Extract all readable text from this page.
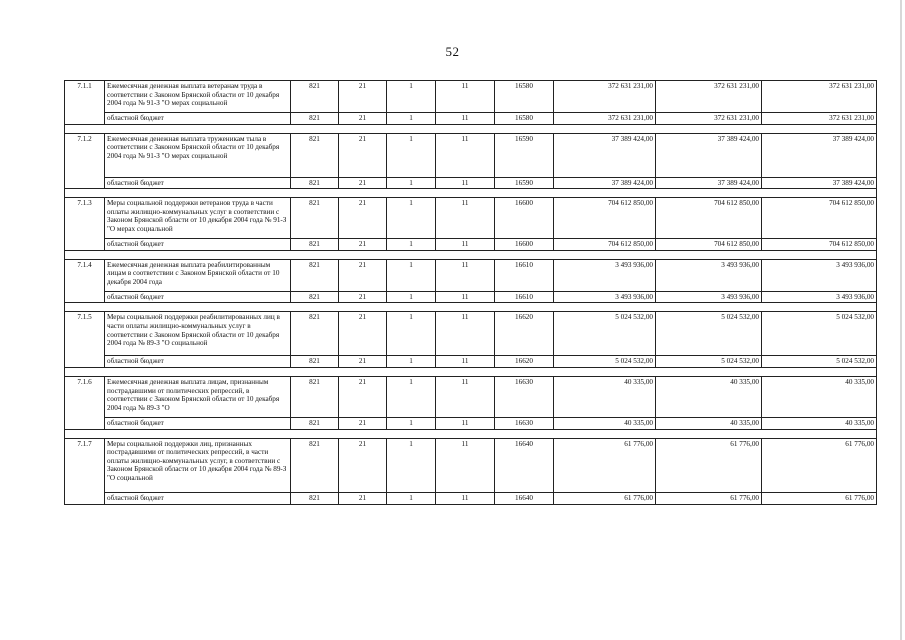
52
7.1.1	Ежемесячная денежная выплата ветеранам труда в соответствии с Законом Брянской области от 10 декабря 2004 года № 91-З "О мерах социальной	821	21	1	11	16580	372 631 231,00	372 631 231,00	372 631 231,00
	областной бюджет	821	21	1	11	16580	372 631 231,00	372 631 231,00	372 631 231,00

7.1.2	Ежемесячная денежная выплата труженикам тыла в соответствии с Законом Брянской области от 10 декабря 2004 года № 91-З "О мерах социальной	821	21	1	11	16590	37 389 424,00	37 389 424,00	37 389 424,00
	областной бюджет	821	21	1	11	16590	37 389 424,00	37 389 424,00	37 389 424,00

7.1.3	Меры социальной поддержки ветеранов труда в части оплаты жилищно-коммунальных услуг в соответствии с Законом Брянской области от 10 декабря 2004 года № 91-З "О мерах социальной	821	21	1	11	16600	704 612 850,00	704 612 850,00	704 612 850,00
	областной бюджет	821	21	1	11	16600	704 612 850,00	704 612 850,00	704 612 850,00

7.1.4	Ежемесячная денежная выплата реабилитированным лицам в соответствии с Законом Брянской области от 10 декабря 2004 года	821	21	1	11	16610	3 493 936,00	3 493 936,00	3 493 936,00
	областной бюджет	821	21	1	11	16610	3 493 936,00	3 493 936,00	3 493 936,00

7.1.5	Меры социальной поддержки реабилитированных лиц в части оплаты жилищно-коммунальных услуг в соответствии с Законом Брянской области от 10 декабря 2004 года № 89-З "О социальной	821	21	1	11	16620	5 024 532,00	5 024 532,00	5 024 532,00
	областной бюджет	821	21	1	11	16620	5 024 532,00	5 024 532,00	5 024 532,00

7.1.6	Ежемесячная денежная выплата лицам, признанным пострадавшими от политических репрессий, в соответствии с Законом Брянской области от 10 декабря 2004 года № 89-З "О	821	21	1	11	16630	40 335,00	40 335,00	40 335,00
	областной бюджет	821	21	1	11	16630	40 335,00	40 335,00	40 335,00

7.1.7	Меры социальной поддержки лиц, признанных пострадавшими от политических репрессий, в части оплаты жилищно-коммунальных услуг, в соответствии с Законом Брянской области от 10 декабря 2004 года № 89-З "О социальной	821	21	1	11	16640	61 776,00	61 776,00	61 776,00
	областной бюджет	821	21	1	11	16640	61 776,00	61 776,00	61 776,00
